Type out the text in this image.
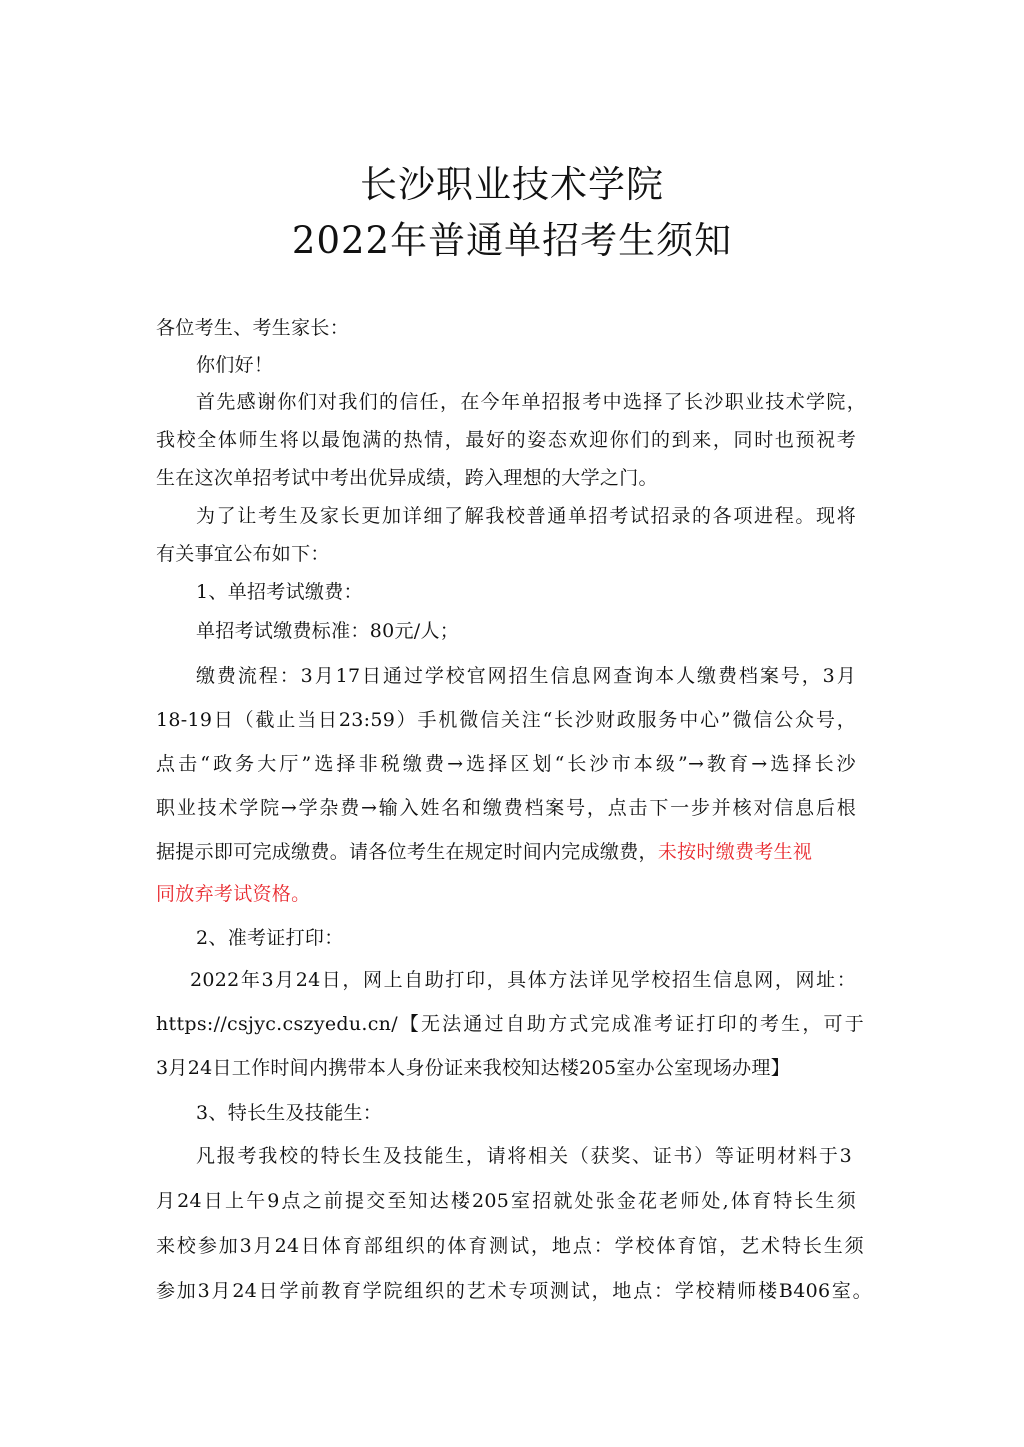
长沙职业技术学院
2022年普通单招考生须知
各位考生、考生家长：
你们好！
首先感谢你们对我们的信任，在今年单招报考中选择了长沙职业技术学院，
我校全体师生将以最饱满的热情，最好的姿态欢迎你们的到来，同时也预祝考
生在这次单招考试中考出优异成绩，跨入理想的大学之门。
为了让考生及家长更加详细了解我校普通单招考试招录的各项进程。现将
有关事宜公布如下：
1、单招考试缴费：
单招考试缴费标准：80元/人；
缴费流程：3月17日通过学校官网招生信息网查询本人缴费档案号，3月
18-19日（截止当日23:59）手机微信关注“长沙财政服务中心”微信公众号，
点击“政务大厅”选择非税缴费→选择区划“长沙市本级”→教育→选择长沙
职业技术学院→学杂费→输入姓名和缴费档案号，点击下一步并核对信息后根
据提示即可完成缴费。请各位考生在规定时间内完成缴费，未按时缴费考生视
同放弃考试资格。
2、准考证打印：
2022年3月24日，网上自助打印，具体方法详见学校招生信息网，网址：
https://csjyc.cszyedu.cn/【无法通过自助方式完成准考证打印的考生，可于
3月24日工作时间内携带本人身份证来我校知达楼205室办公室现场办理】
3、特长生及技能生：
凡报考我校的特长生及技能生，请将相关（获奖、证书）等证明材料于3
月24日上午9点之前提交至知达楼205室招就处张金花老师处,体育特长生须
来校参加3月24日体育部组织的体育测试，地点：学校体育馆，艺术特长生须
参加3月24日学前教育学院组织的艺术专项测试，地点：学校精师楼B406室。
